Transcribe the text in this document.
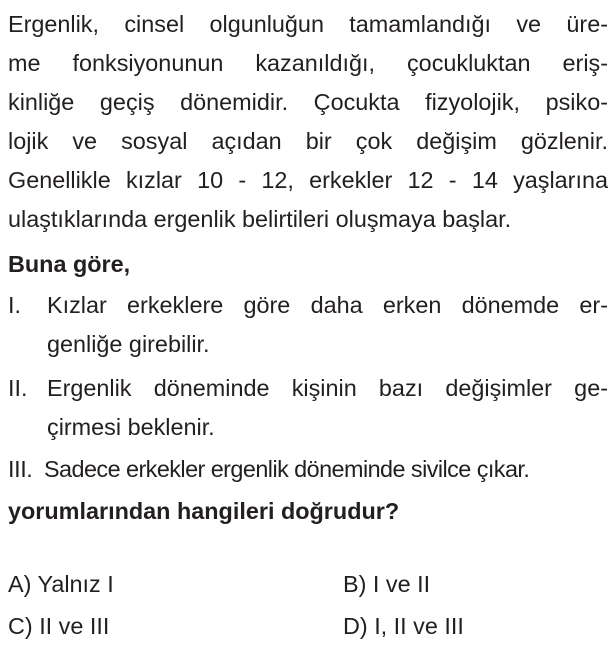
Ergenlik, cinsel olgunluğun tamamlandığı ve üre-
me fonksiyonunun kazanıldığı, çocukluktan eriş-
kinliğe geçiş dönemidir. Çocukta fizyolojik, psiko-
lojik ve sosyal açıdan bir çok değişim gözlenir.
Genellikle kızlar 10 - 12, erkekler 12 - 14 yaşlarına
ulaştıklarında ergenlik belirtileri oluşmaya başlar.

Buna göre,

I. Kızlar erkeklere göre daha erken dönemde er-
genliğe girebilir.
II. Ergenlik döneminde kişinin bazı değişimler ge-
çirmesi beklenir.
III. Sadece erkekler ergenlik döneminde sivilce çıkar.

yorumlarından hangileri doğrudur?

A) Yalnız I	B) I ve II
C) II ve III	D) I, II ve III
